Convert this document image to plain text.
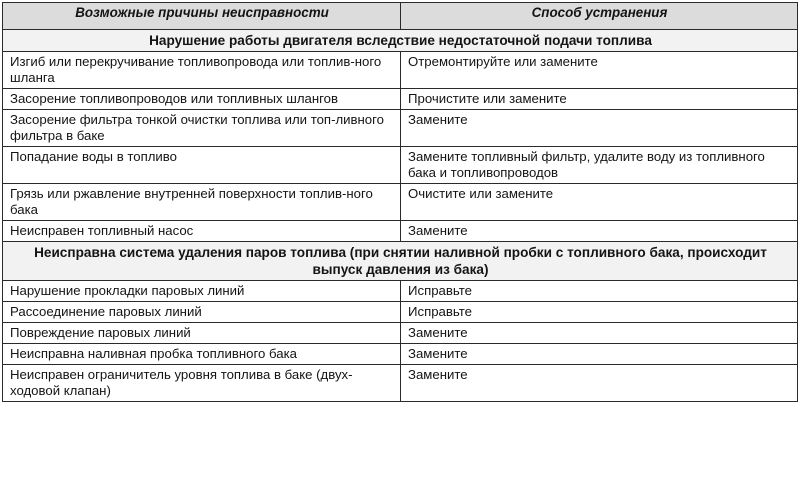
Возможные причины неисправности	Способ устранения
Нарушение работы двигателя вследствие недостаточной подачи топлива	
Изгиб или перекручивание топливопровода или топлив-ного шланга	Отремонтируйте или замените
Засорение топливопроводов или топливных шлангов	Прочистите или замените
Засорение фильтра тонкой очистки топлива или топ-ливного фильтра в баке	Замените
Попадание воды в топливо	Замените топливный фильтр, удалите воду из топливного бака и топливопроводов
Грязь или ржавление внутренней поверхности топлив-ного бака	Очистите или замените
Неисправен топливный насос	Замените
Неисправна система удаления паров топлива (при снятии наливной пробки с топливного бака, происходит выпуск давления из бака)	
Нарушение прокладки паровых линий	Исправьте
Рассоединение паровых линий	Исправьте
Повреждение паровых линий	Замените
Неисправна наливная пробка топливного бака	Замените
Неисправен ограничитель уровня топлива в баке (двух-ходовой клапан)	Замените
